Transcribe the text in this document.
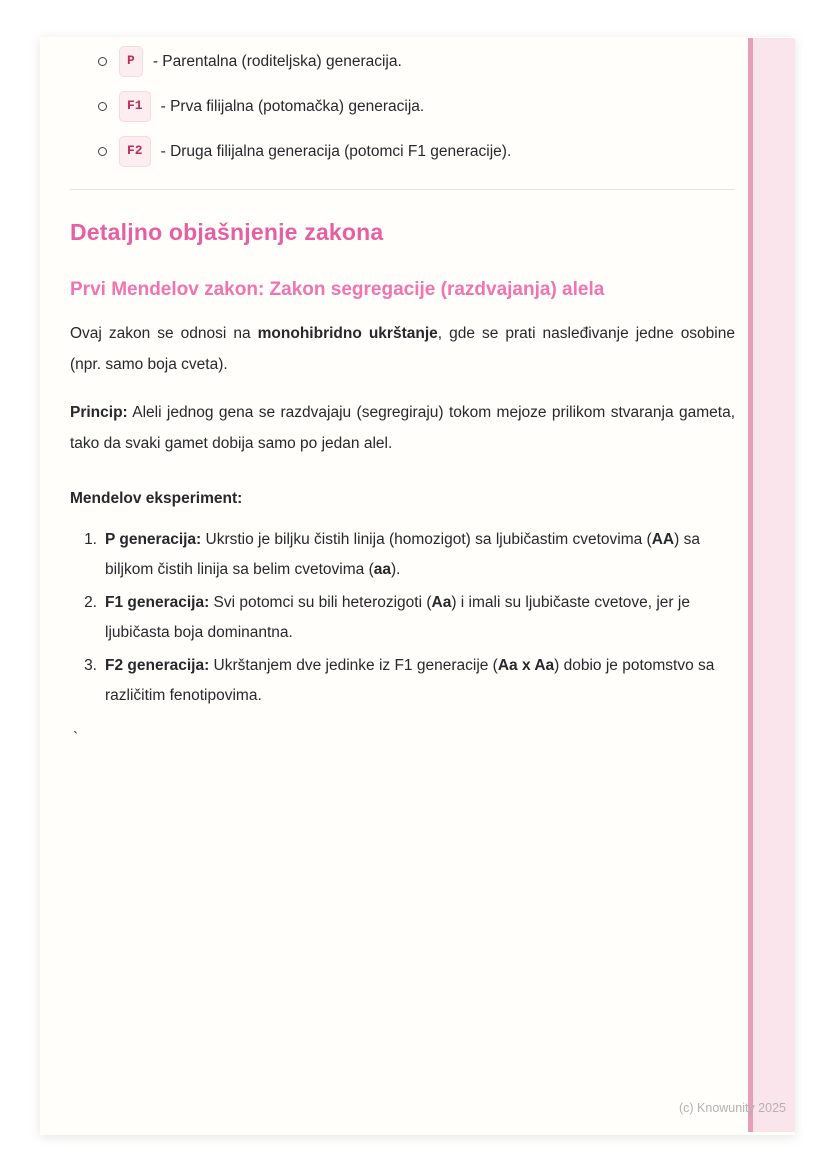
P	- Parentalna (roditeljska) generacija.
F1	- Prva filijalna (potomačka) generacija.
F2	- Druga filijalna generacija (potomci F1 generacije).
Detaljno objašnjenje zakona
Prvi Mendelov zakon: Zakon segregacije (razdvajanja) alela

Ovaj zakon se odnosi na monohibridno ukrštanje, gde se prati nasleđivanje jedne osobine (npr. samo boja cveta).

Princip: Aleli jednog gena se razdvajaju (segregiraju) tokom mejoze prilikom stvaranja gameta, tako da svaki gamet dobija samo po jedan alel.

Mendelov eksperiment:

1. P generacija: Ukrstio je biljku čistih linija (homozigot) sa ljubičastim cvetovima (AA) sa biljkom čistih linija sa belim cvetovima (aa).
2. F1 generacija: Svi potomci su bili heterozigoti (Aa) i imali su ljubičaste cvetove, jer je ljubičasta boja dominantna.
3. F2 generacija: Ukrštanjem dve jedinke iz F1 generacije (Aa x Aa) dobio je potomstvo sa različitim fenotipovima.
`
(c) Knowunity 2025
